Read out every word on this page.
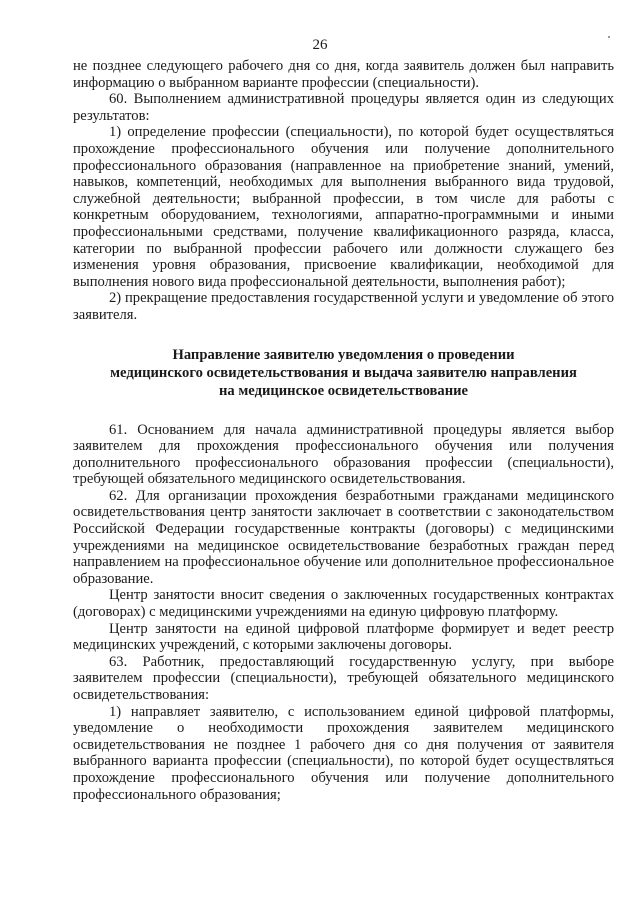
26

не позднее следующего рабочего дня со дня, когда заявитель должен был направить информацию о выбранном варианте профессии (специальности).

60. Выполнением административной процедуры является один из следующих результатов:

1) определение профессии (специальности), по которой будет осуществляться прохождение профессионального обучения или получение дополнительного профессионального образования (направленное на приобретение знаний, умений, навыков, компетенций, необходимых для выполнения выбранного вида трудовой, служебной деятельности; выбранной профессии, в том числе для работы с конкретным оборудованием, технологиями, аппаратно-программными и иными профессиональными средствами, получение квалификационного разряда, класса, категории по выбранной профессии рабочего или должности служащего без изменения уровня образования, присвоение квалификации, необходимой для выполнения нового вида профессиональной деятельности, выполнения работ);

2) прекращение предоставления государственной услуги и уведомление об этого заявителя.

Направление заявителю уведомления о проведении
медицинского освидетельствования и выдача заявителю направления
на медицинское освидетельствование

61. Основанием для начала административной процедуры является выбор заявителем для прохождения профессионального обучения или получения дополнительного профессионального образования профессии (специальности), требующей обязательного медицинского освидетельствования.

62. Для организации прохождения безработными гражданами медицинского освидетельствования центр занятости заключает в соответствии с законодательством Российской Федерации государственные контракты (договоры) с медицинскими учреждениями на медицинское освидетельствование безработных граждан перед направлением на профессиональное обучение или дополнительное профессиональное образование.

Центр занятости вносит сведения о заключенных государственных контрактах (договорах) с медицинскими учреждениями на единую цифровую платформу.

Центр занятости на единой цифровой платформе формирует и ведет реестр медицинских учреждений, с которыми заключены договоры.

63. Работник, предоставляющий государственную услугу, при выборе заявителем профессии (специальности), требующей обязательного медицинского освидетельствования:

1) направляет заявителю, с использованием единой цифровой платформы, уведомление о необходимости прохождения заявителем медицинского освидетельствования не позднее 1 рабочего дня со дня получения от заявителя выбранного варианта профессии (специальности), по которой будет осуществляться прохождение профессионального обучения или получение дополнительного профессионального образования;
